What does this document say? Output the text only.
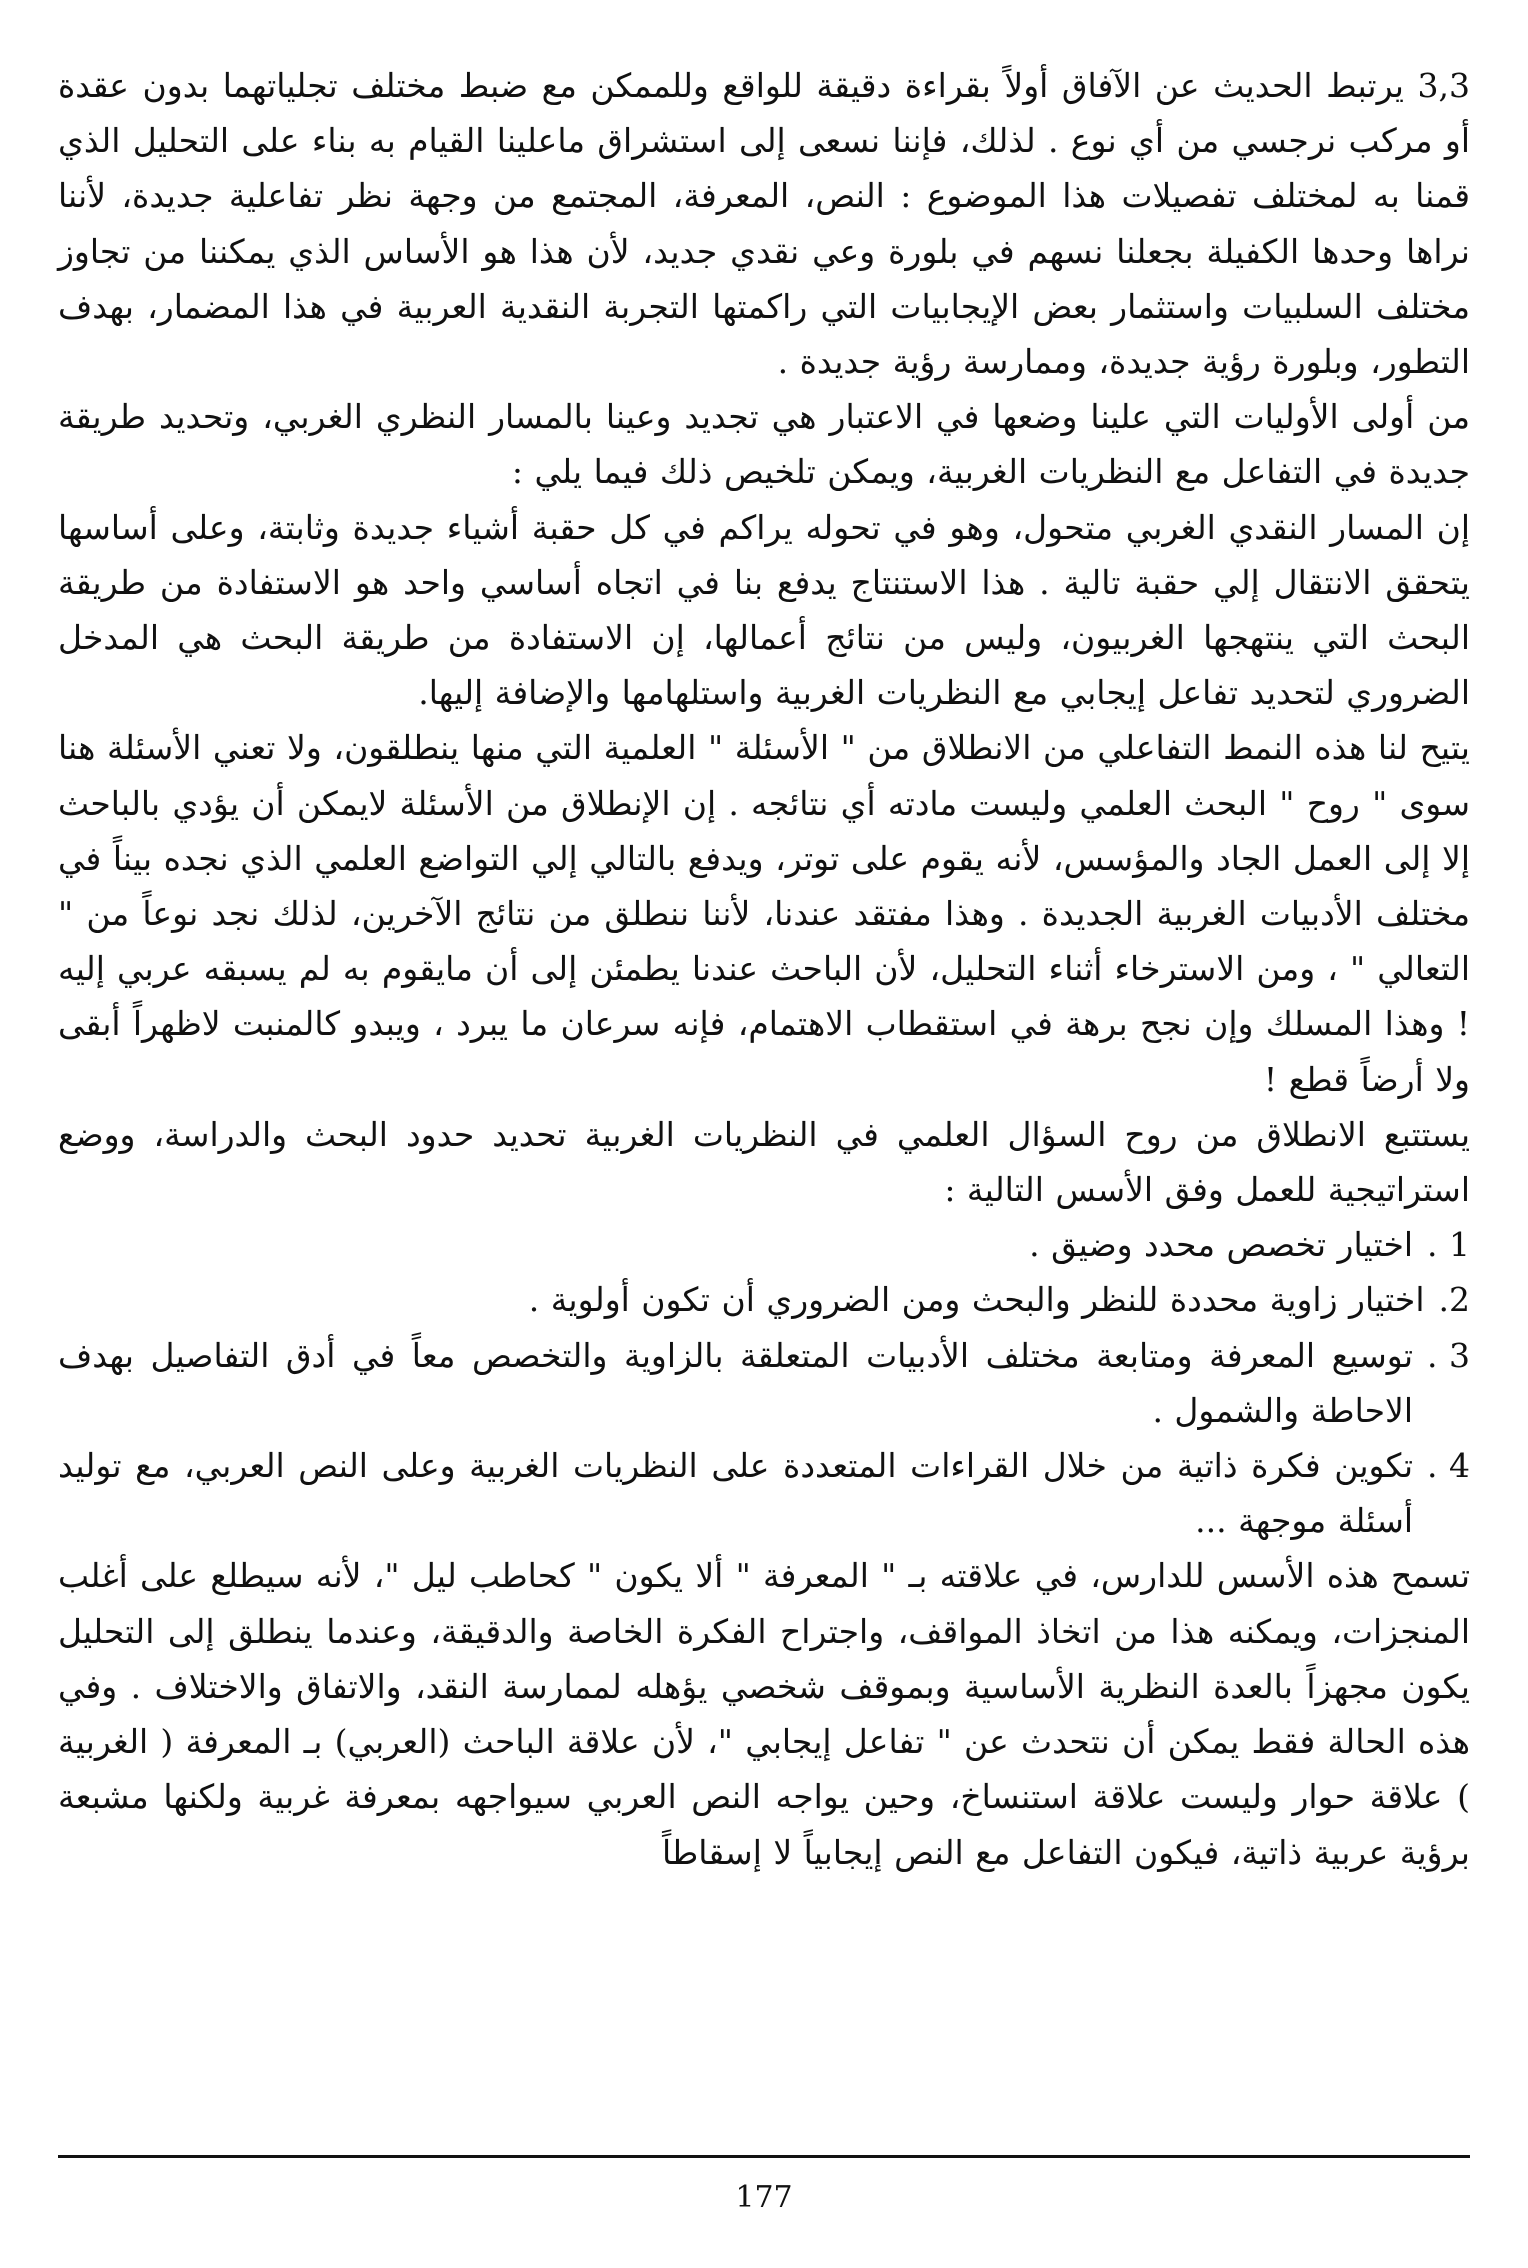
3,3 يرتبط الحديث عن الآفاق أولاً بقراءة دقيقة للواقع وللممكن مع ضبط مختلف تجلياتهما بدون عقدة أو مركب نرجسي من أي نوع . لذلك، فإننا نسعى إلى استشراق ماعلينا القيام به بناء على التحليل الذي قمنا به لمختلف تفصيلات هذا الموضوع : النص، المعرفة، المجتمع من وجهة نظر تفاعلية جديدة، لأننا نراها وحدها الكفيلة بجعلنا نسهم في بلورة وعي نقدي جديد، لأن هذا هو الأساس الذي يمكننا من تجاوز مختلف السلبيات واستثمار بعض الإيجابيات التي راكمتها التجربة النقدية العربية في هذا المضمار، بهدف التطور، وبلورة رؤية جديدة، وممارسة رؤية جديدة .

من أولى الأوليات التي علينا وضعها في الاعتبار هي تجديد وعينا بالمسار النظري الغربي، وتحديد طريقة جديدة في التفاعل مع النظريات الغربية، ويمكن تلخيص ذلك فيما يلي :

إن المسار النقدي الغربي متحول، وهو في تحوله يراكم في كل حقبة أشياء جديدة وثابتة، وعلى أساسها يتحقق الانتقال إلي حقبة تالية . هذا الاستنتاج يدفع بنا في اتجاه أساسي واحد هو الاستفادة من طريقة البحث التي ينتهجها الغربيون، وليس من نتائج أعمالها، إن الاستفادة من طريقة البحث هي المدخل الضروري لتحديد تفاعل إيجابي مع النظريات الغربية واستلهامها والإضافة إليها.

يتيح لنا هذه النمط التفاعلي من الانطلاق من " الأسئلة " العلمية التي منها ينطلقون، ولا تعني الأسئلة هنا سوى " روح " البحث العلمي وليست مادته أي نتائجه . إن الإنطلاق من الأسئلة لايمكن أن يؤدي بالباحث إلا إلى العمل الجاد والمؤسس، لأنه يقوم على توتر، ويدفع بالتالي إلي التواضع العلمي الذي نجده بيناً في مختلف الأدبيات الغربية الجديدة . وهذا مفتقد عندنا، لأننا ننطلق من نتائج الآخرين، لذلك نجد نوعاً من " التعالي " ، ومن الاسترخاء أثناء التحليل، لأن الباحث عندنا يطمئن إلى أن مايقوم به لم يسبقه عربي إليه ! وهذا المسلك وإن نجح برهة في استقطاب الاهتمام، فإنه سرعان ما يبرد ، ويبدو كالمنبت لاظهراً أبقى ولا أرضاً قطع !

يستتبع الانطلاق من روح السؤال العلمي في النظريات الغربية تحديد حدود البحث والدراسة، ووضع استراتيجية للعمل وفق الأسس التالية :

1 .
اختيار تخصص محدد وضيق .
2.
اختيار زاوية محددة للنظر والبحث ومن الضروري أن تكون أولوية .
3 .
توسيع المعرفة ومتابعة مختلف الأدبيات المتعلقة بالزاوية والتخصص معاً في أدق التفاصيل بهدف الاحاطة والشمول .
4 .
تكوين فكرة ذاتية من خلال القراءات المتعددة على النظريات الغربية وعلى النص العربي، مع توليد أسئلة موجهة ...

تسمح هذه الأسس للدارس، في علاقته بـ " المعرفة " ألا يكون " كحاطب ليل "، لأنه سيطلع على أغلب المنجزات، ويمكنه هذا من اتخاذ المواقف، واجتراح الفكرة الخاصة والدقيقة، وعندما ينطلق إلى التحليل يكون مجهزاً بالعدة النظرية الأساسية وبموقف شخصي يؤهله لممارسة النقد، والاتفاق والاختلاف . وفي هذه الحالة فقط يمكن أن نتحدث عن " تفاعل إيجابي "، لأن علاقة الباحث (العربي) بـ المعرفة ( الغربية ) علاقة حوار وليست علاقة استنساخ، وحين يواجه النص العربي سيواجهه بمعرفة غربية ولكنها مشبعة برؤية عربية ذاتية، فيكون التفاعل مع النص إيجابياً لا إسقاطاً

177
